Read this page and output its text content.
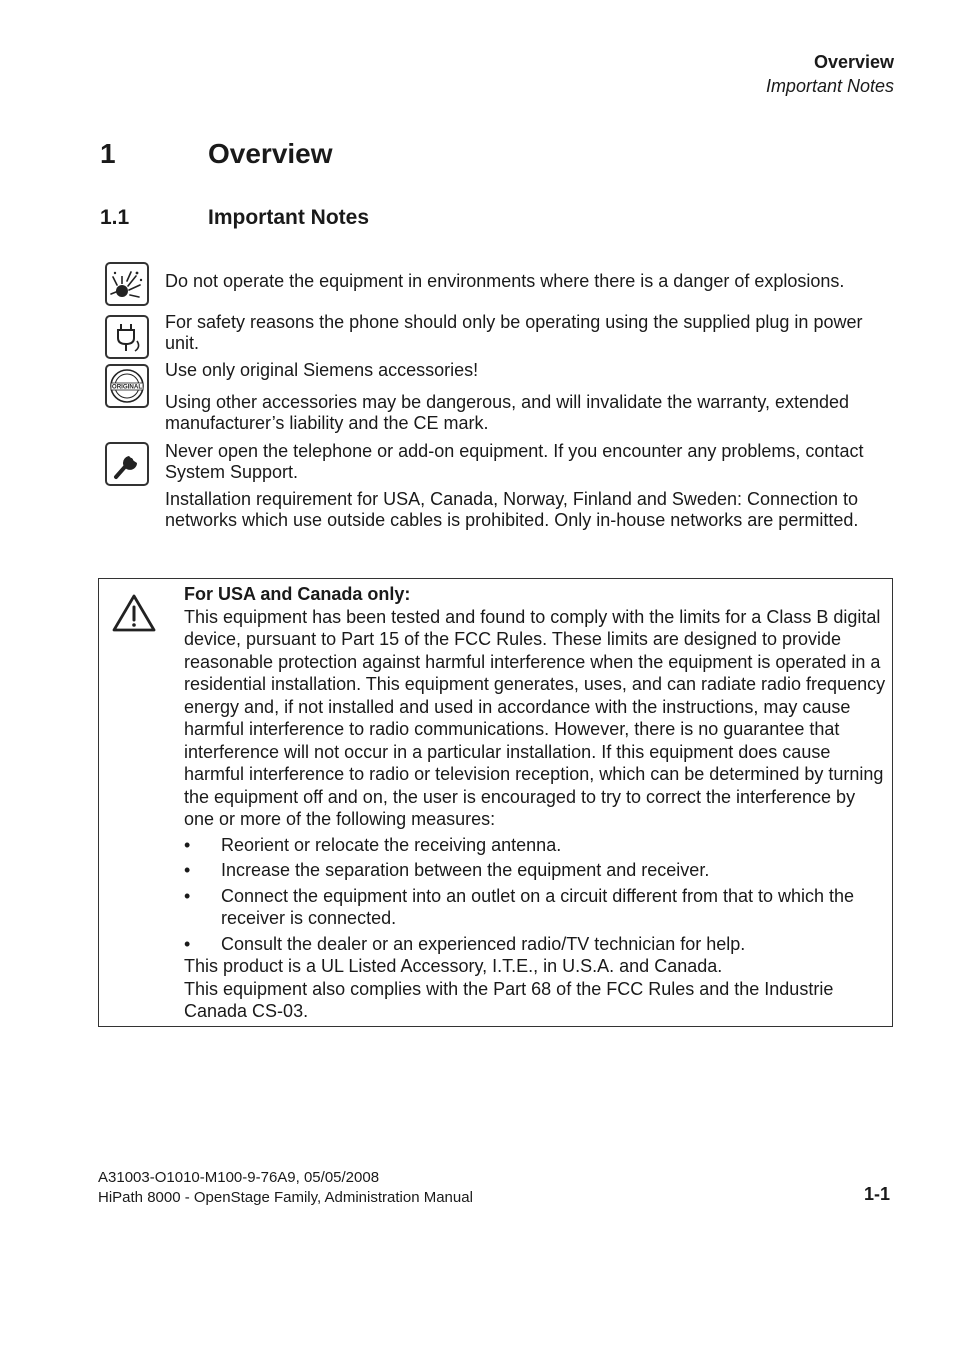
Overview
Important Notes
1	Overview
1.1	Important Notes
Do not operate the equipment in environments where there is a danger of explosions.
For safety reasons the phone should only be operating using the supplied plug in power unit.
ORIGINAL
Use only original Siemens accessories!
Using other accessories may be dangerous, and will invalidate the warranty, extended manufacturer’s liability and the CE mark.
Never open the telephone or add-on equipment. If you encounter any problems, contact System Support.
Installation requirement for USA, Canada, Norway, Finland and Sweden: Connection to networks which use outside cables is prohibited. Only in-house networks are permitted.
For USA and Canada only:
This equipment has been tested and found to comply with the limits for a Class B digital device, pursuant to Part 15 of the FCC Rules. These limits are designed to provide reasonable protection against harmful interference when the equipment is operated in a residential installation. This equipment generates, uses, and can radiate radio frequency energy and, if not installed and used in accordance with the instructions, may cause harmful interference to radio communications. However, there is no guarantee that interference will not occur in a particular installation. If this equipment does cause harmful interference to radio or television reception, which can be determined by turning the equipment off and on, the user is encouraged to try to correct the interference by one or more of the following measures:
• Reorient or relocate the receiving antenna.
• Increase the separation between the equipment and receiver.
• Connect the equipment into an outlet on a circuit different from that to which the receiver is connected.
• Consult the dealer or an experienced radio/TV technician for help.
This product is a UL Listed Accessory, I.T.E., in U.S.A. and Canada.
This equipment also complies with the Part 68 of the FCC Rules and the Industrie Canada CS-03.
A31003-O1010-M100-9-76A9, 05/05/2008
HiPath 8000 - OpenStage Family, Administration Manual	1-1
